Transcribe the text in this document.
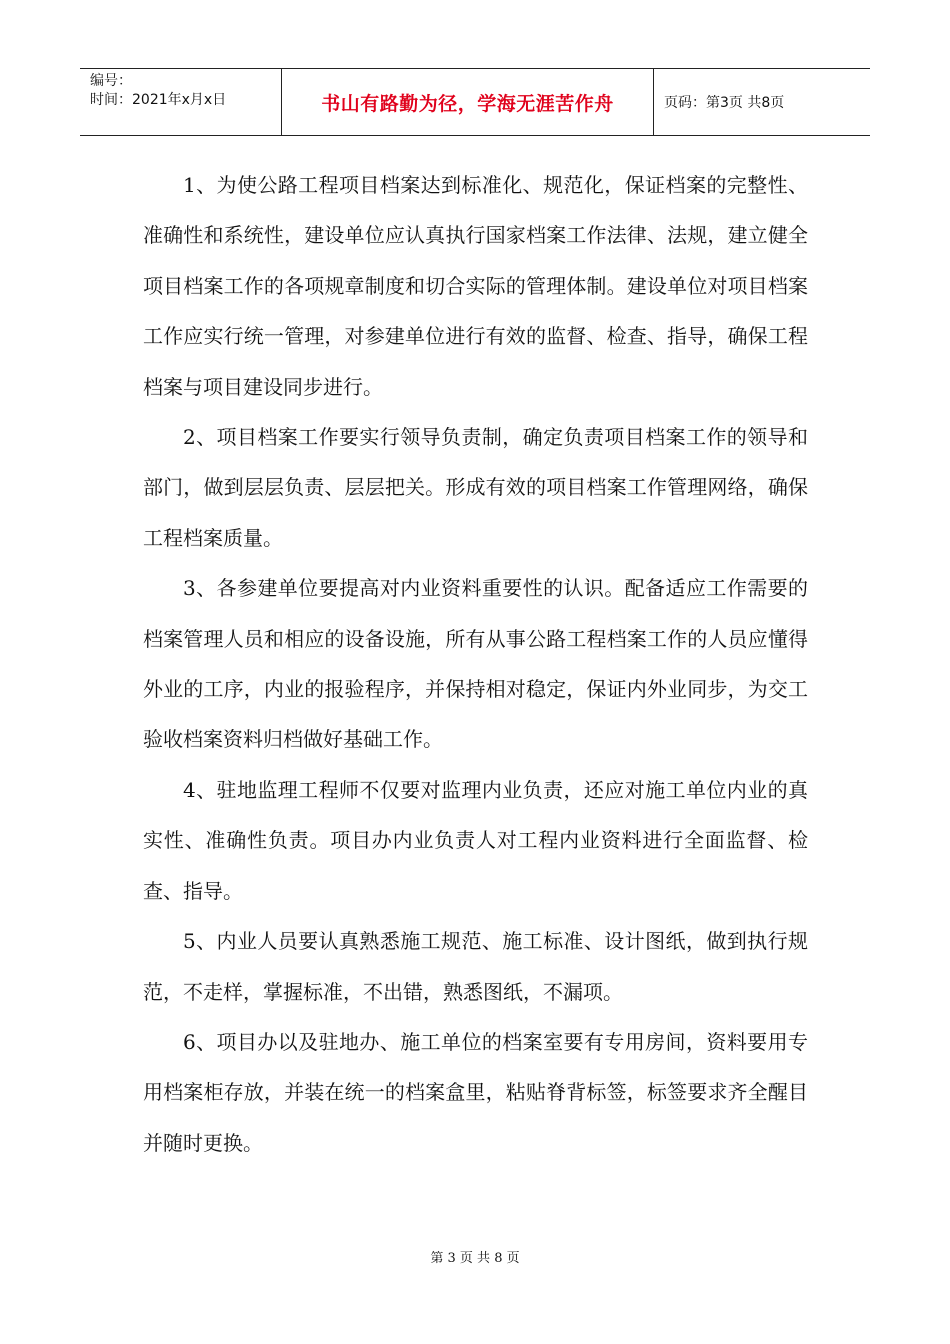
编号：
时间：2021年x月x日	书山有路勤为径，学海无涯苦作舟	页码：第3页 共8页

1、为使公路工程项目档案达到标准化、规范化，保证档案的完整性、准确性和系统性，建设单位应认真执行国家档案工作法律、法规，建立健全项目档案工作的各项规章制度和切合实际的管理体制。建设单位对项目档案工作应实行统一管理，对参建单位进行有效的监督、检查、指导，确保工程档案与项目建设同步进行。

2、项目档案工作要实行领导负责制，确定负责项目档案工作的领导和部门，做到层层负责、层层把关。形成有效的项目档案工作管理网络，确保工程档案质量。

3、各参建单位要提高对内业资料重要性的认识。配备适应工作需要的档案管理人员和相应的设备设施，所有从事公路工程档案工作的人员应懂得外业的工序，内业的报验程序，并保持相对稳定，保证内外业同步，为交工验收档案资料归档做好基础工作。

4、驻地监理工程师不仅要对监理内业负责，还应对施工单位内业的真实性、准确性负责。项目办内业负责人对工程内业资料进行全面监督、检查、指导。

5、内业人员要认真熟悉施工规范、施工标准、设计图纸，做到执行规范，不走样，掌握标准，不出错，熟悉图纸，不漏项。

6、项目办以及驻地办、施工单位的档案室要有专用房间，资料要用专用档案柜存放，并装在统一的档案盒里，粘贴脊背标签，标签要求齐全醒目并随时更换。

第 3 页 共 8 页
